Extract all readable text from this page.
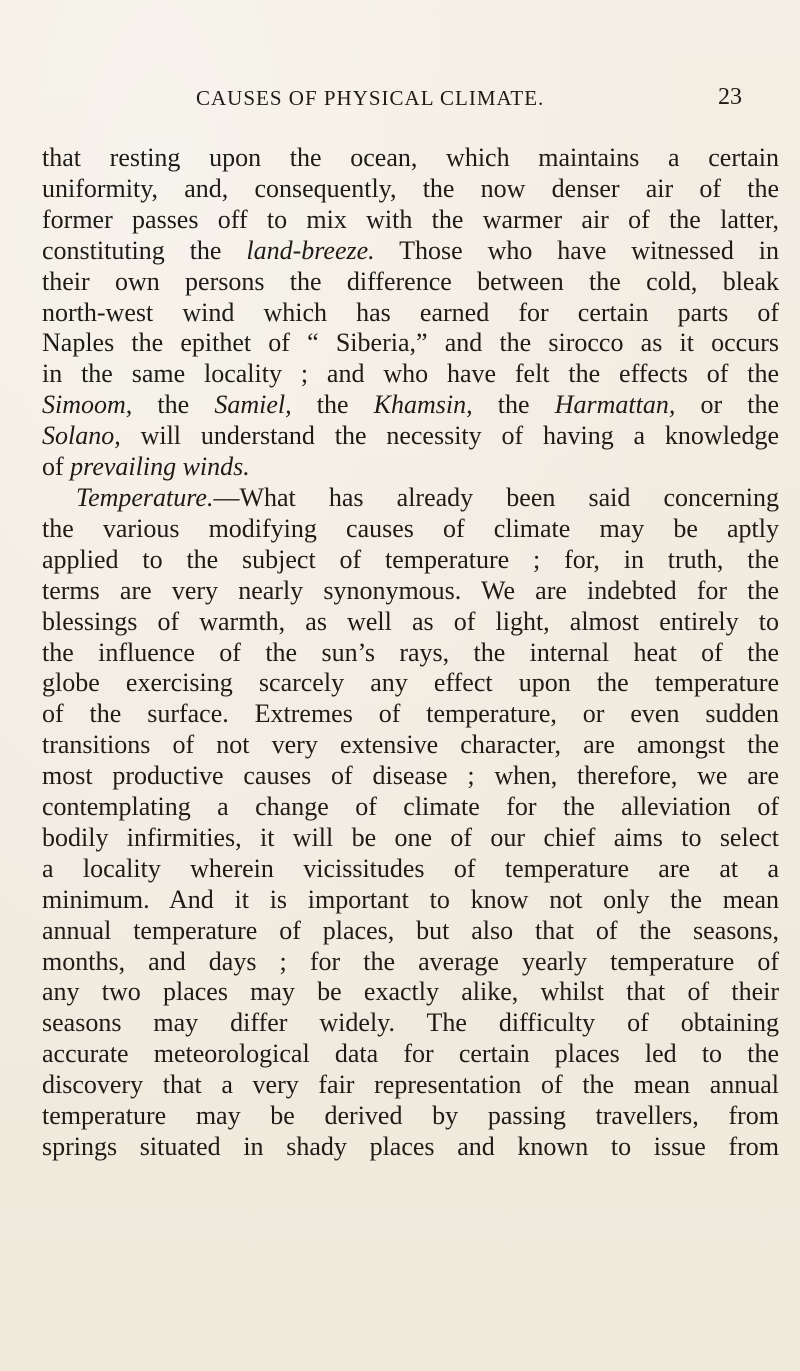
CAUSES OF PHYSICAL CLIMATE.	23
that resting upon the ocean, which maintains a certain
uniformity, and, consequently, the now denser air of the
former passes off to mix with the warmer air of the latter,
constituting the land-breeze. Those who have witnessed in
their own persons the difference between the cold, bleak
north-west wind which has earned for certain parts of
Naples the epithet of “ Siberia,” and the sirocco as it occurs
in the same locality ; and who have felt the effects of the
Simoom, the Samiel, the Khamsin, the Harmattan, or the
Solano, will understand the necessity of having a knowledge
of prevailing winds.
Temperature.—What has already been said concerning
the various modifying causes of climate may be aptly
applied to the subject of temperature ; for, in truth, the
terms are very nearly synonymous. We are indebted for the
blessings of warmth, as well as of light, almost entirely to
the influence of the sun’s rays, the internal heat of the
globe exercising scarcely any effect upon the temperature
of the surface. Extremes of temperature, or even sudden
transitions of not very extensive character, are amongst the
most productive causes of disease ; when, therefore, we are
contemplating a change of climate for the alleviation of
bodily infirmities, it will be one of our chief aims to select
a locality wherein vicissitudes of temperature are at a
minimum. And it is important to know not only the mean
annual temperature of places, but also that of the seasons,
months, and days ; for the average yearly temperature of
any two places may be exactly alike, whilst that of their
seasons may differ widely. The difficulty of obtaining
accurate meteorological data for certain places led to the
discovery that a very fair representation of the mean annual
temperature may be derived by passing travellers, from
springs situated in shady places and known to issue from
